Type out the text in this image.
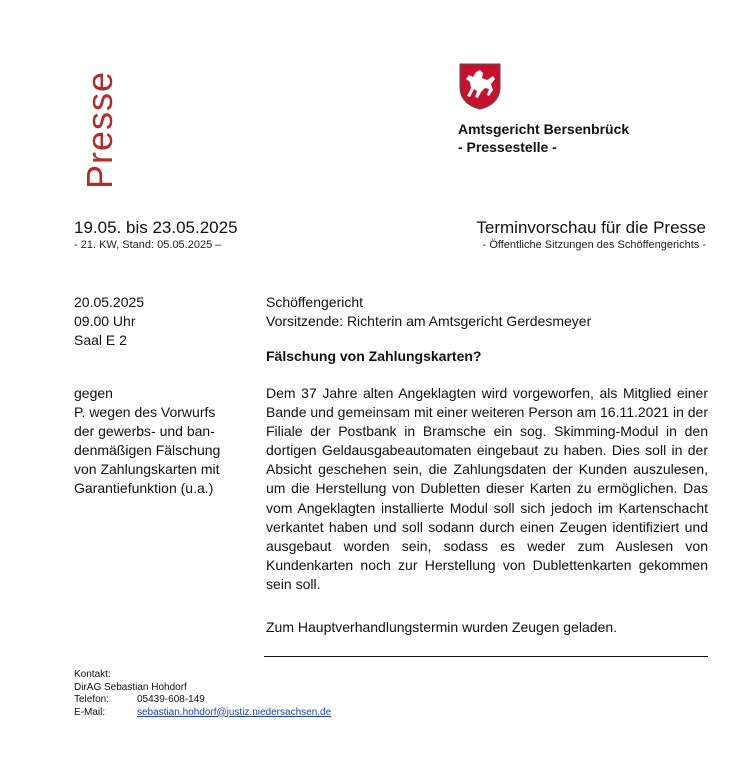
Presse	Amtsgericht Bersenbrück
- Pressestelle -
19.05. bis 23.05.2025
- 21. KW, Stand: 05.05.2025 –
Terminvorschau für die Presse
- Öffentliche Sitzungen des Schöffengerichts -
20.05.2025
09.00 Uhr
Saal E 2
Schöffengericht
Vorsitzende: Richterin am Amtsgericht Gerdesmeyer
Fälschung von Zahlungskarten?
gegen
P. wegen des Vorwurfs
der gewerbs- und ban-
denmäßigen Fälschung
von Zahlungskarten mit
Garantiefunktion (u.a.)
Dem 37 Jahre alten Angeklagten wird vorgeworfen, als Mitglied einer Bande und gemeinsam mit einer weiteren Person am 16.11.2021 in der Filiale der Postbank in Bramsche ein sog. Skimming-Modul in den dortigen Geldausgabeautomaten eingebaut zu haben. Dies soll in der Absicht geschehen sein, die Zahlungsdaten der Kunden auszulesen, um die Herstellung von Dubletten dieser Karten zu ermöglichen. Das vom Angeklagten installierte Modul soll sich jedoch im Kartenschacht verkantet haben und soll sodann durch einen Zeugen identifiziert und ausgebaut worden sein, sodass es weder zum Auslesen von Kundenkarten noch zur Herstellung von Dublettenkarten gekommen sein soll.
Zum Hauptverhandlungstermin wurden Zeugen geladen.
Kontakt:
DirAG Sebastian Hohdorf
Telefon:	05439-608-149
E-Mail:	sebastian.hohdorf@justiz.niedersachsen.de
